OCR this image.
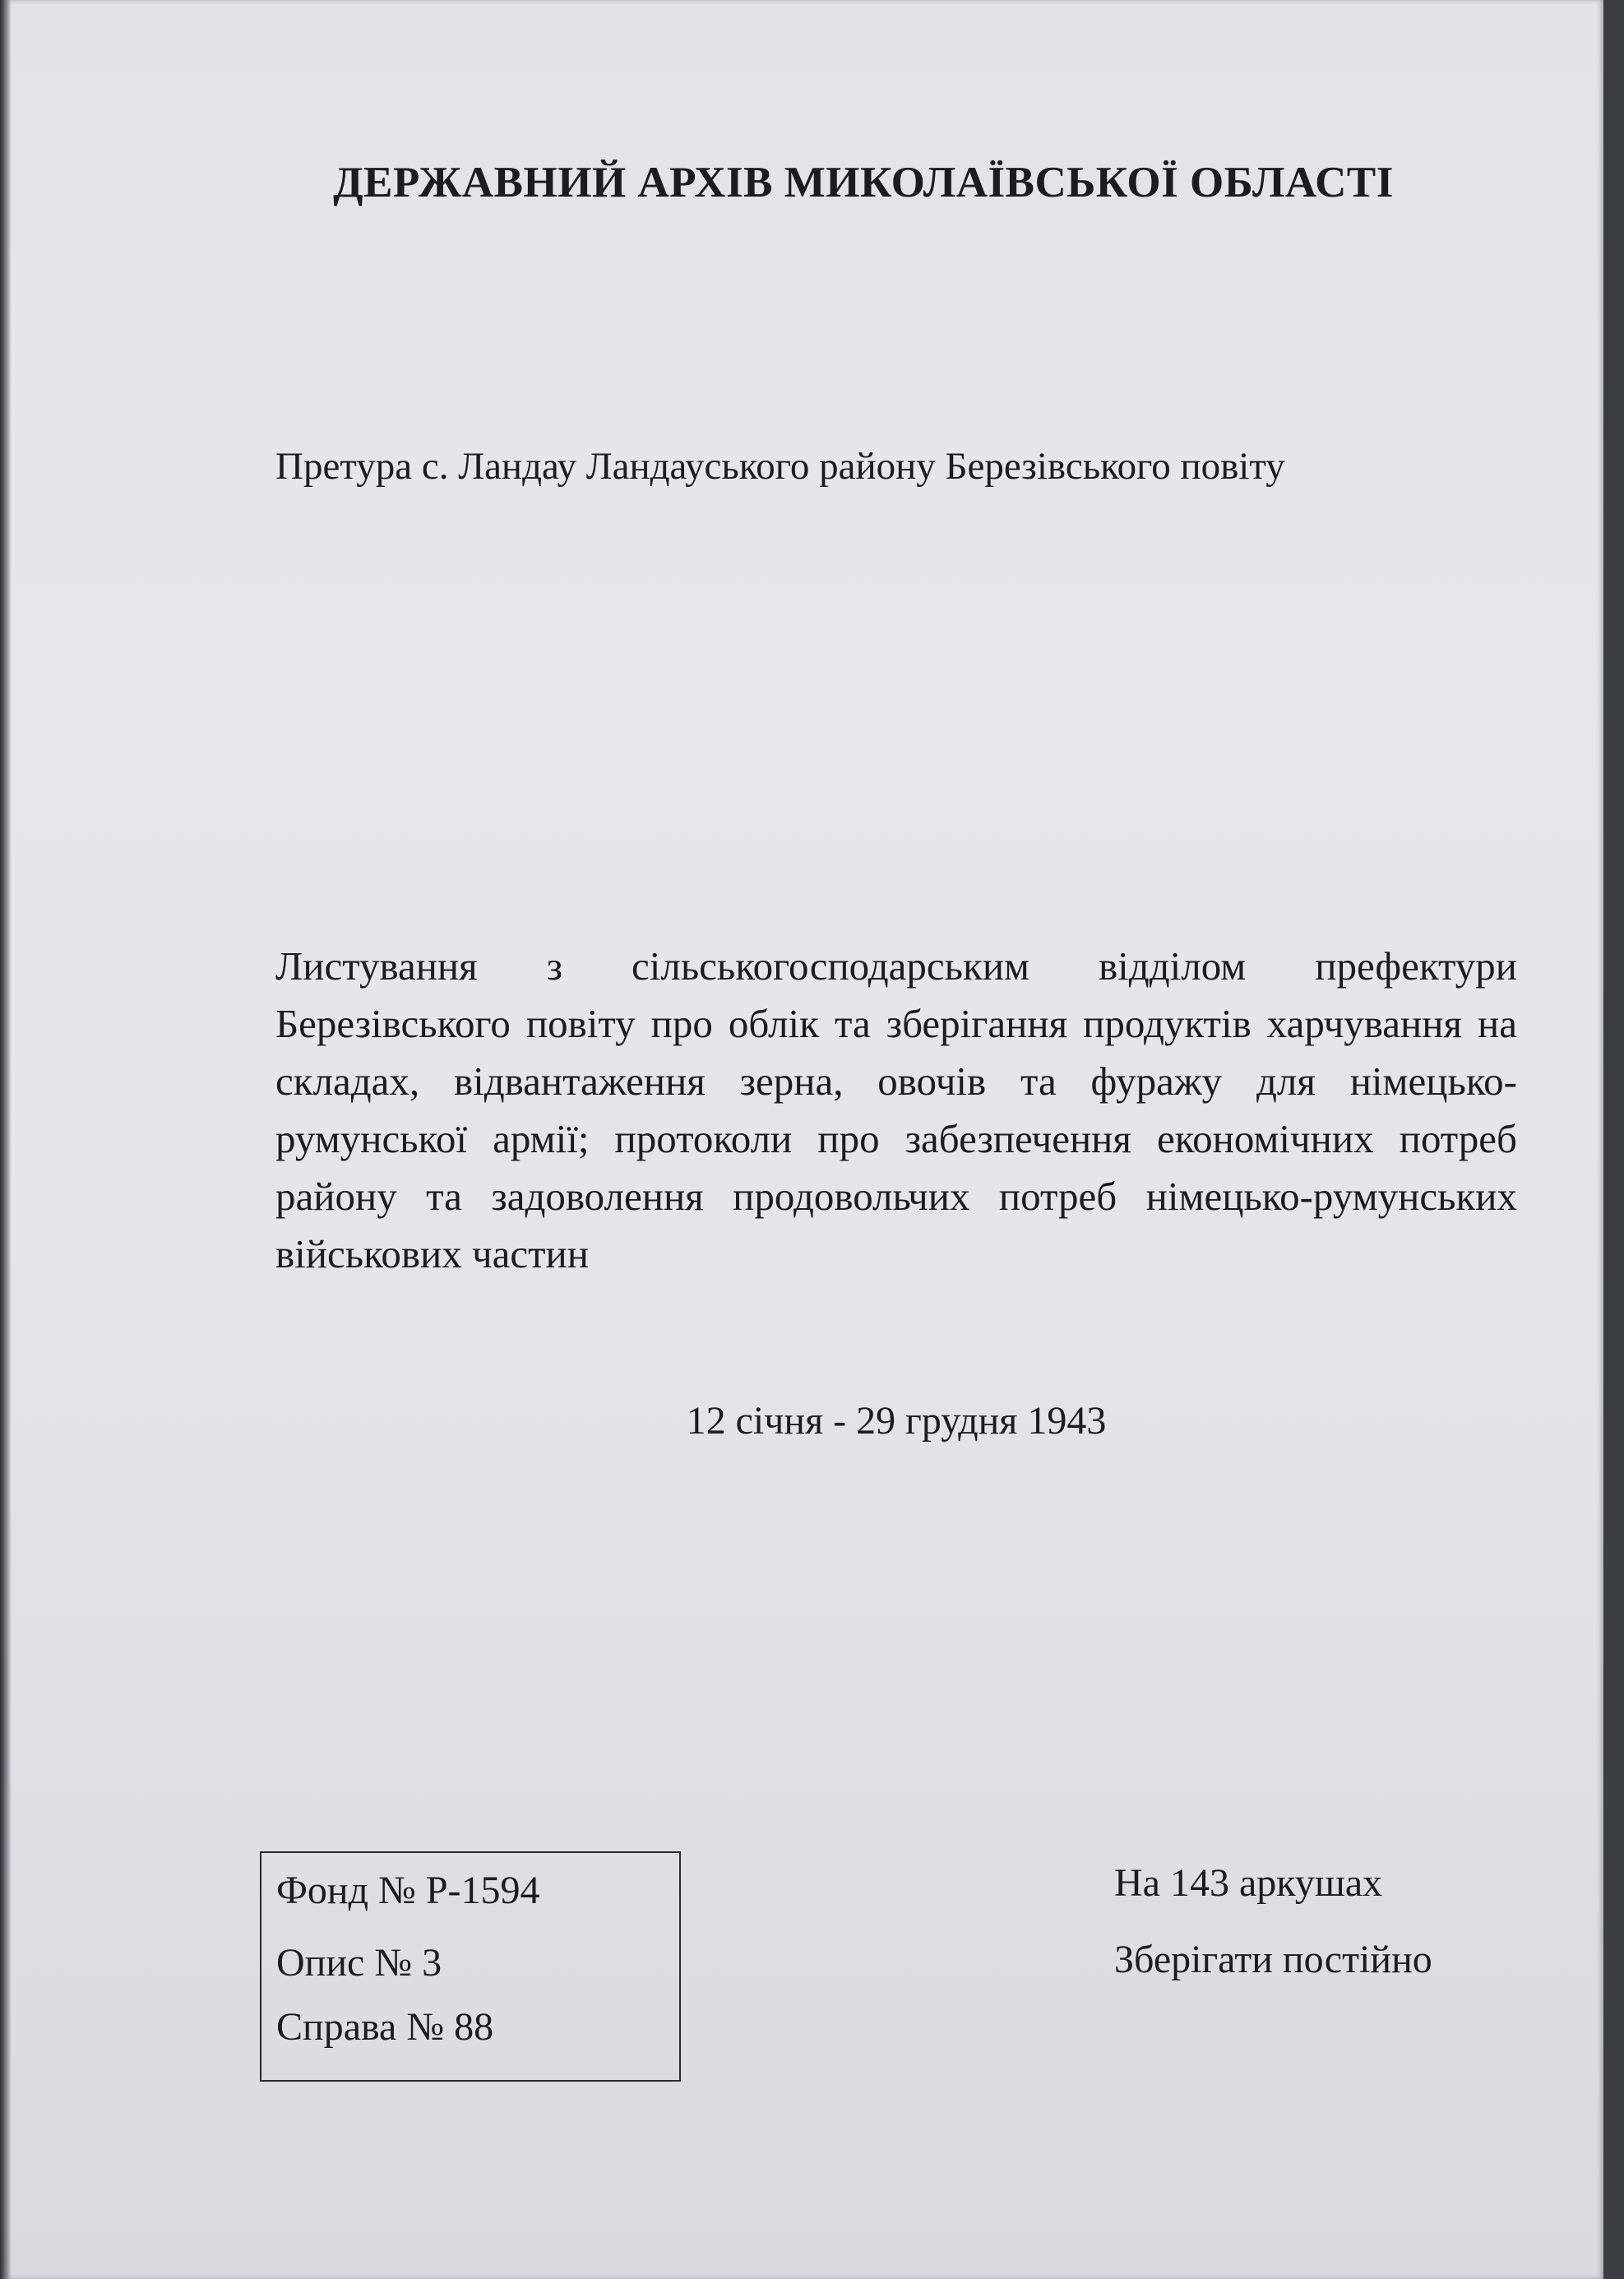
ДЕРЖАВНИЙ АРХІВ МИКОЛАЇВСЬКОЇ ОБЛАСТІ
Претура с. Ландау Ландауського району Березівського повіту
Листування з сільськогосподарським відділом префектури Березівського повіту про облік та зберігання продуктів харчування на складах, відвантаження зерна, овочів та фуражу для німецько-румунської армії; протоколи про забезпечення економічних потреб району та задоволення продовольчих потреб німецько-румунських військових частин
12 січня - 29 грудня 1943
Фонд № Р-1594
Опис № 3
Справа № 88
На 143 аркушах
Зберігати постійно
